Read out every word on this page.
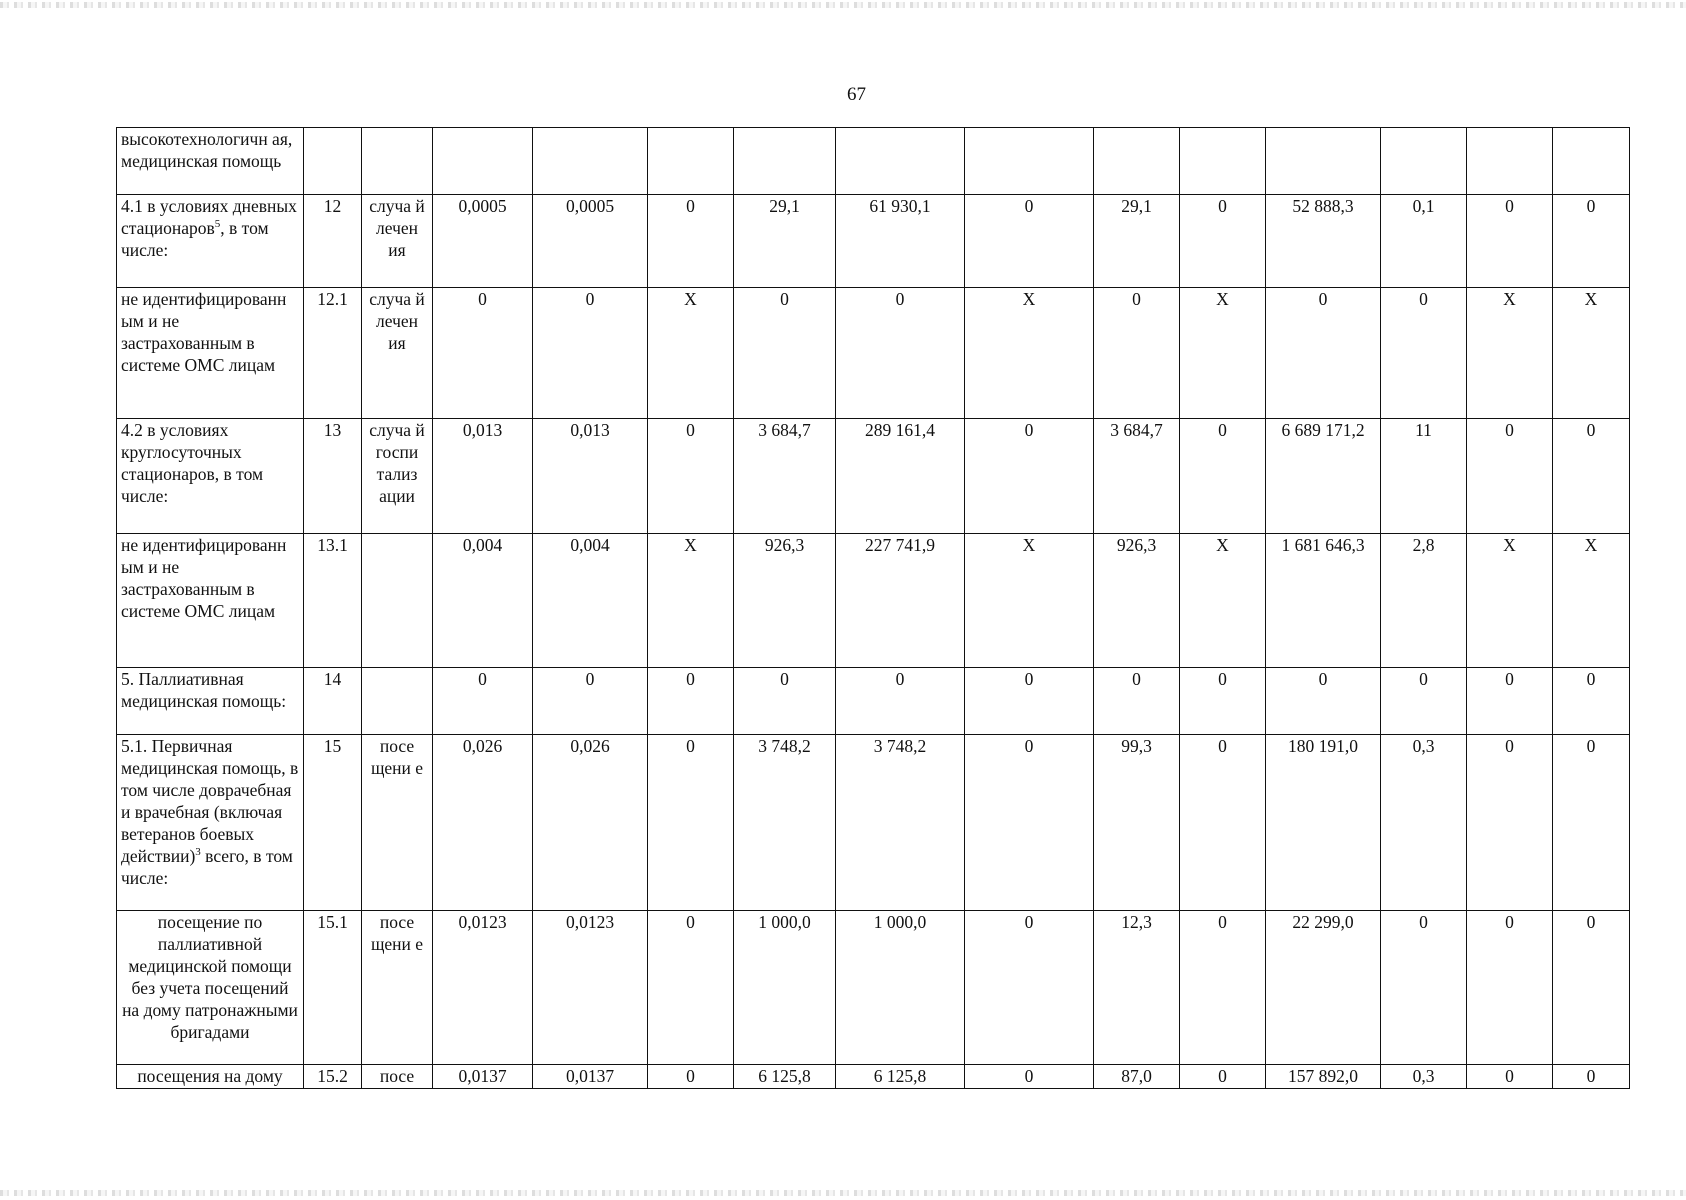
67
высокотехнологичн ая, медицинская помощь														
4.1 в условиях дневных стационаров$^5$, в том числе:	12	случа й лечен ия	0,0005	0,0005	0	29,1	61 930,1	0	29,1	0	52 888,3	0,1	0	0
не идентифицированн ым и не застрахованным в системе ОМС лицам	12.1	случа й лечен ия	0	0	X	0	0	X	0	X	0	0	X	X
4.2 в условиях круглосуточных стационаров, в том числе:	13	случа й госпи тализ ации	0,013	0,013	0	3 684,7	289 161,4	0	3 684,7	0	6 689 171,2	11	0	0
не идентифицированн ым и не застрахованным в системе ОМС лицам	13.1		0,004	0,004	X	926,3	227 741,9	X	926,3	X	1 681 646,3	2,8	X	X
5. Паллиативная медицинская помощь:	14		0	0	0	0	0	0	0	0	0	0	0	0
5.1. Первичная медицинская помощь, в том числе доврачебная и врачебная (включая ветеранов боевых действии)$^3$ всего, в том числе:	15	посе щени е	0,026	0,026	0	3 748,2	3 748,2	0	99,3	0	180 191,0	0,3	0	0
посещение по паллиативной медицинской помощи без учета посещений на дому патронажными бригадами	15.1	посе щени е	0,0123	0,0123	0	1 000,0	1 000,0	0	12,3	0	22 299,0	0	0	0
посещения на дому	15.2	посе	0,0137	0,0137	0	6 125,8	6 125,8	0	87,0	0	157 892,0	0,3	0	0
